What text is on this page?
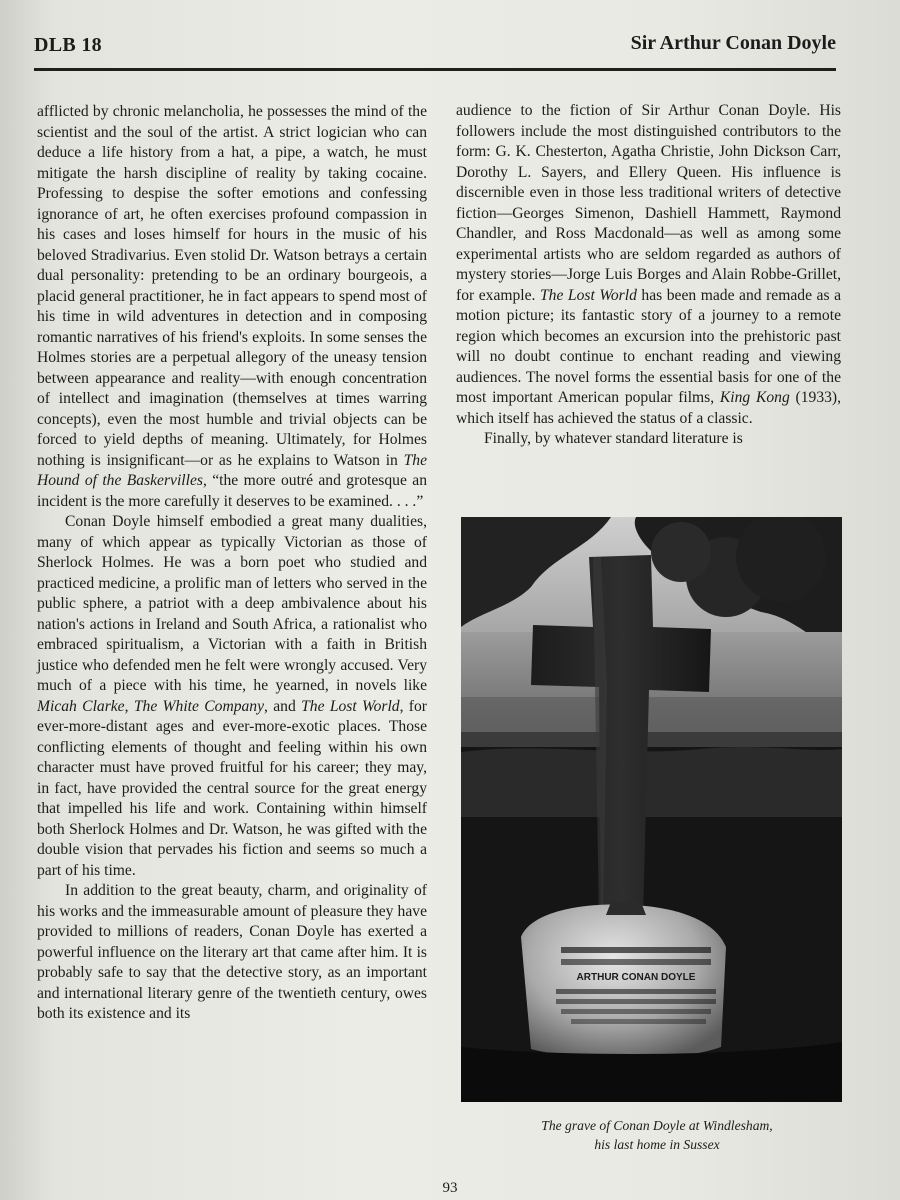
DLB 18	Sir Arthur Conan Doyle

afflicted by chronic melancholia, he possesses the mind of the scientist and the soul of the artist. A strict logician who can deduce a life history from a hat, a pipe, a watch, he must mitigate the harsh discipline of reality by taking cocaine. Professing to despise the softer emotions and confessing ignorance of art, he often exercises profound compassion in his cases and loses himself for hours in the music of his beloved Stradivarius. Even stolid Dr. Watson betrays a certain dual personality: pretending to be an ordinary bourgeois, a placid general practitioner, he in fact appears to spend most of his time in wild adventures in detection and in composing romantic narratives of his friend's exploits. In some senses the Holmes stories are a perpetual allegory of the uneasy tension between appearance and reality—with enough concentration of intellect and imagination (themselves at times warring concepts), even the most humble and trivial objects can be forced to yield depths of meaning. Ultimately, for Holmes nothing is insignificant—or as he explains to Watson in The Hound of the Baskervilles, “the more outré and grotesque an incident is the more carefully it deserves to be examined. . . .”

Conan Doyle himself embodied a great many dualities, many of which appear as typically Victorian as those of Sherlock Holmes. He was a born poet who studied and practiced medicine, a prolific man of letters who served in the public sphere, a patriot with a deep ambivalence about his nation's actions in Ireland and South Africa, a rationalist who embraced spiritualism, a Victorian with a faith in British justice who defended men he felt were wrongly accused. Very much of a piece with his time, he yearned, in novels like Micah Clarke, The White Company, and The Lost World, for ever-more-distant ages and ever-more-exotic places. Those conflicting elements of thought and feeling within his own character must have proved fruitful for his career; they may, in fact, have provided the central source for the great energy that impelled his life and work. Containing within himself both Sherlock Holmes and Dr. Watson, he was gifted with the double vision that pervades his fiction and seems so much a part of his time.

In addition to the great beauty, charm, and originality of his works and the immeasurable amount of pleasure they have provided to millions of readers, Conan Doyle has exerted a powerful influence on the literary art that came after him. It is probably safe to say that the detective story, as an important and international literary genre of the twentieth century, owes both its existence and its

audience to the fiction of Sir Arthur Conan Doyle. His followers include the most distinguished contributors to the form: G. K. Chesterton, Agatha Christie, John Dickson Carr, Dorothy L. Sayers, and Ellery Queen. His influence is discernible even in those less traditional writers of detective fiction—Georges Simenon, Dashiell Hammett, Raymond Chandler, and Ross Macdonald—as well as among some experimental artists who are seldom regarded as authors of mystery stories—Jorge Luis Borges and Alain Robbe-Grillet, for example. The Lost World has been made and remade as a motion picture; its fantastic story of a journey to a remote region which becomes an excursion into the prehistoric past will no doubt continue to enchant reading and viewing audiences. The novel forms the essential basis for one of the most important American popular films, King Kong (1933), which itself has achieved the status of a classic.

Finally, by whatever standard literature is

ARTHUR CONAN DOYLE
The grave of Conan Doyle at Windlesham,
his last home in Sussex
93
